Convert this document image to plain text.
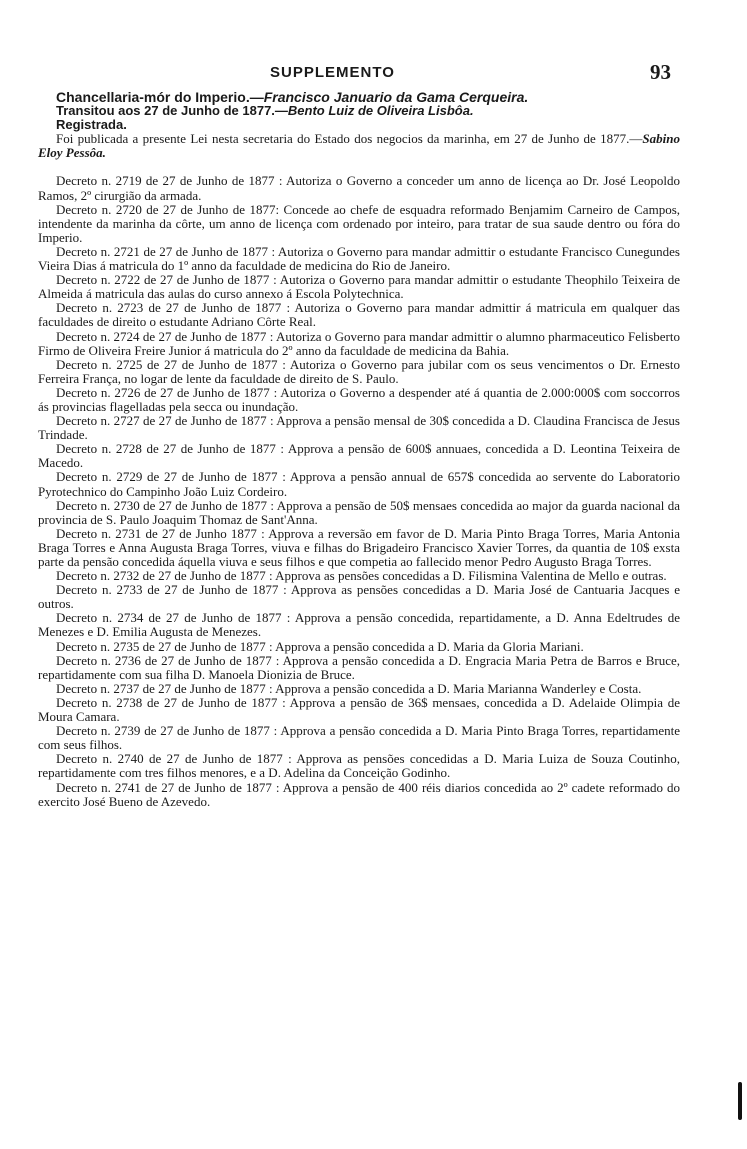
SUPPLEMENTO	93

Chancellaria-mór do Imperio.—Francisco Januario da Gama Cerqueira.

Transitou aos 27 de Junho de 1877.—Bento Luiz de Oliveira Lisbôa.

Registrada.

Foi publicada a presente Lei nesta secretaria do Estado dos negocios da marinha, em 27 de Junho de 1877.—Sabino Eloy Pessôa.

Decreto n. 2719 de 27 de Junho de 1877 : Autoriza o Governo a conceder um anno de licença ao Dr. José Leopoldo Ramos, 2º cirurgião da armada.

Decreto n. 2720 de 27 de Junho de 1877: Concede ao chefe de esquadra reformado Benjamim Carneiro de Campos, intendente da marinha da côrte, um anno de licença com ordenado por inteiro, para tratar de sua saude dentro ou fóra do Imperio.

Decreto n. 2721 de 27 de Junho de 1877 : Autoriza o Governo para mandar admittir o estudante Francisco Cunegundes Vieira Dias á matricula do 1º anno da faculdade de medicina do Rio de Janeiro.

Decreto n. 2722 de 27 de Junho de 1877 : Autoriza o Governo para mandar admittir o estudante Theophilo Teixeira de Almeida á matricula das aulas do curso annexo á Escola Polytechnica.

Decreto n. 2723 de 27 de Junho de 1877 : Autoriza o Governo para mandar admittir á matricula em qualquer das faculdades de direito o estudante Adriano Côrte Real.

Decreto n. 2724 de 27 de Junho de 1877 : Autoriza o Governo para mandar admittir o alumno pharmaceutico Felisberto Firmo de Oliveira Freire Junior á matricula do 2º anno da faculdade de medicina da Bahia.

Decreto n. 2725 de 27 de Junho de 1877 : Autoriza o Governo para jubilar com os seus vencimentos o Dr. Ernesto Ferreira França, no logar de lente da faculdade de direito de S. Paulo.

Decreto n. 2726 de 27 de Junho de 1877 : Autoriza o Governo a despender até á quantia de 2.000:000$ com soccorros ás provincias flagelladas pela secca ou inundação.

Decreto n. 2727 de 27 de Junho de 1877 : Approva a pensão mensal de 30$ concedida a D. Claudina Francisca de Jesus Trindade.

Decreto n. 2728 de 27 de Junho de 1877 : Approva a pensão de 600$ annuaes, concedida a D. Leontina Teixeira de Macedo.

Decreto n. 2729 de 27 de Junho de 1877 : Approva a pensão annual de 657$ concedida ao servente do Laboratorio Pyrotechnico do Campinho João Luiz Cordeiro.

Decreto n. 2730 de 27 de Junho de 1877 : Approva a pensão de 50$ mensaes concedida ao major da guarda nacional da provincia de S. Paulo Joaquim Thomaz de Sant'Anna.

Decreto n. 2731 de 27 de Junho 1877 : Approva a reversão em favor de D. Maria Pinto Braga Torres, Maria Antonia Braga Torres e Anna Augusta Braga Torres, viuva e filhas do Brigadeiro Francisco Xavier Torres, da quantia de 10$ exsta parte da pensão concedida áquella viuva e seus filhos e que competia ao fallecido menor Pedro Augusto Braga Torres.

Decreto n. 2732 de 27 de Junho de 1877 : Approva as pensões concedidas a D. Filismina Valentina de Mello e outras.

Decreto n. 2733 de 27 de Junho de 1877 : Approva as pensões concedidas a D. Maria José de Cantuaria Jacques e outros.

Decreto n. 2734 de 27 de Junho de 1877 : Approva a pensão concedida, repartidamente, a D. Anna Edeltrudes de Menezes e D. Emilia Augusta de Menezes.

Decreto n. 2735 de 27 de Junho de 1877 : Approva a pensão concedida a D. Maria da Gloria Mariani.

Decreto n. 2736 de 27 de Junho de 1877 : Approva a pensão concedida a D. Engracia Maria Petra de Barros e Bruce, repartidamente com sua filha D. Manoela Dionizia de Bruce.

Decreto n. 2737 de 27 de Junho de 1877 : Approva a pensão concedida a D. Maria Marianna Wanderley e Costa.

Decreto n. 2738 de 27 de Junho de 1877 : Approva a pensão de 36$ mensaes, concedida a D. Adelaide Olimpia de Moura Camara.

Decreto n. 2739 de 27 de Junho de 1877 : Approva a pensão concedida a D. Maria Pinto Braga Torres, repartidamente com seus filhos.

Decreto n. 2740 de 27 de Junho de 1877 : Approva as pensões concedidas a D. Maria Luiza de Souza Coutinho, repartidamente com tres filhos menores, e a D. Adelina da Conceição Godinho.

Decreto n. 2741 de 27 de Junho de 1877 : Approva a pensão de 400 réis diarios concedida ao 2º cadete reformado do exercito José Bueno de Azevedo.
